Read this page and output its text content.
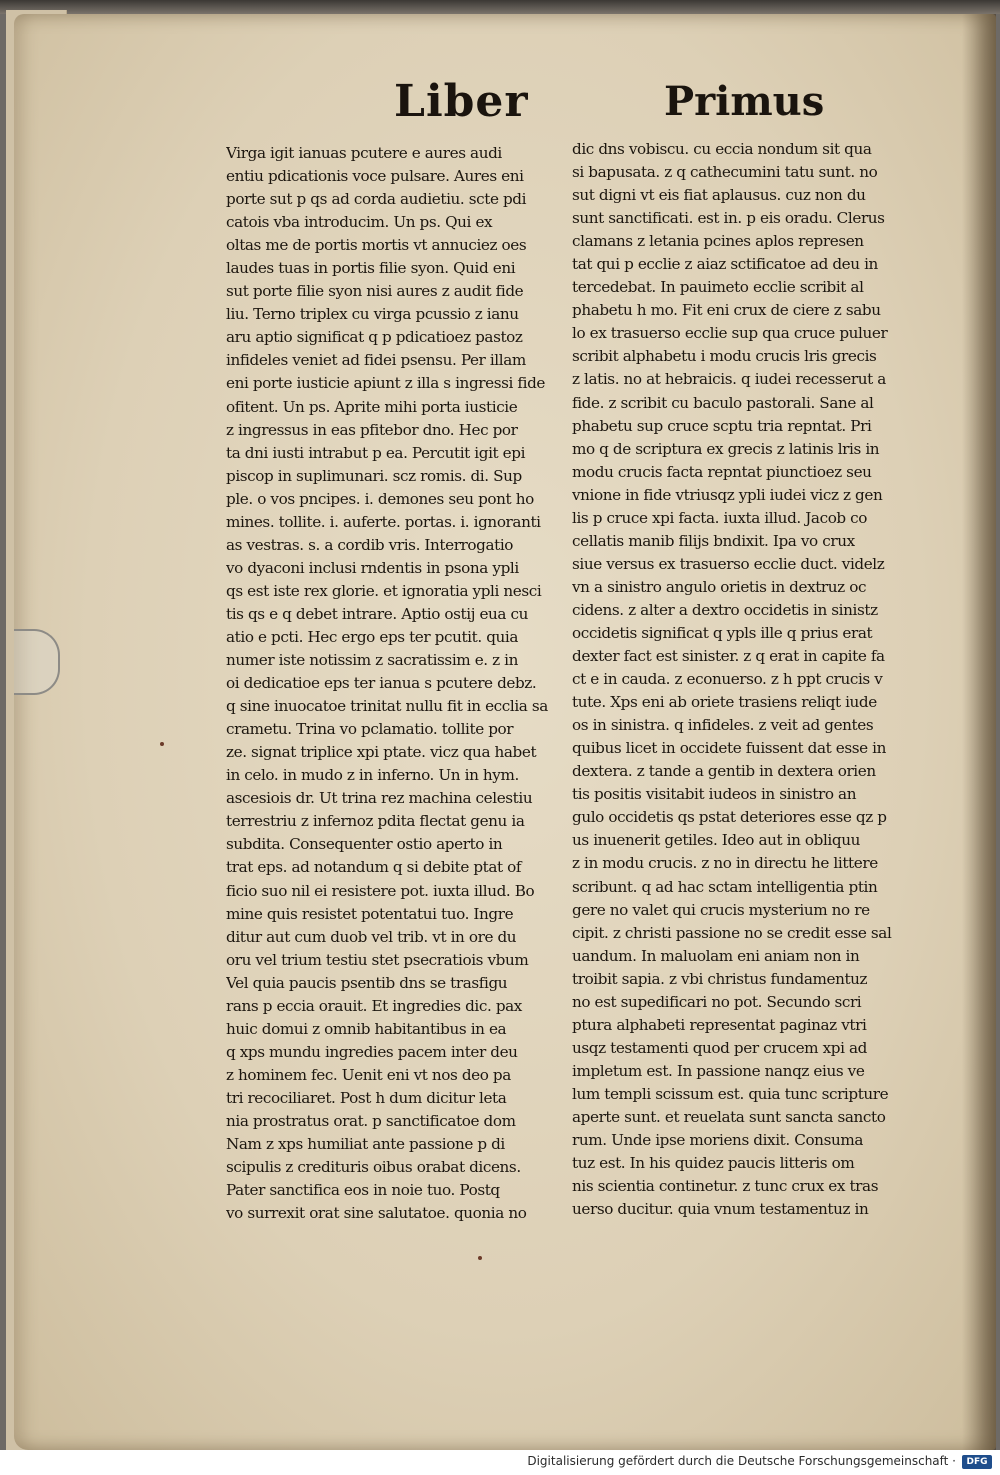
Liber	Primus
Virga igit ianuas pcutere e aures audi
entiu pdicationis voce pulsare. Aures eni
porte sut p qs ad corda audietiu. scte pdi
catois vba introducim. Un ps. Qui ex
oltas me de portis mortis vt annuciez oes
laudes tuas in portis filie syon. Quid eni
sut porte filie syon nisi aures z audit fide
liu. Terno triplex cu virga pcussio z ianu
aru aptio significat q p pdicatioez pastoz
infideles veniet ad fidei psensu. Per illam
eni porte iusticie apiunt z illa s ingressi fide
ofitent. Un ps. Aprite mihi porta iusticie
z ingressus in eas pfitebor dno. Hec por
ta dni iusti intrabut p ea. Percutit igit epi
piscop in suplimunari. scz romis. di. Sup
ple. o vos pncipes. i. demones seu pont ho
mines. tollite. i. auferte. portas. i. ignoranti
as vestras. s. a cordib vris. Interrogatio
vo dyaconi inclusi rndentis in psona ypli
qs est iste rex glorie. et ignoratia ypli nesci
tis qs e q debet intrare. Aptio ostij eua cu
atio e pcti. Hec ergo eps ter pcutit. quia
numer iste notissim z sacratissim e. z in
oi dedicatioe eps ter ianua s pcutere debz.
q sine inuocatoe trinitat nullu fit in ecclia sa
crametu. Trina vo pclamatio. tollite por
ze. signat triplice xpi ptate. vicz qua habet
in celo. in mudo z in inferno. Un in hym.
ascesiois dr. Ut trina rez machina celestiu
terrestriu z infernoz pdita flectat genu ia
subdita. Consequenter ostio aperto in
trat eps. ad notandum q si debite ptat of
ficio suo nil ei resistere pot. iuxta illud. Bo
mine quis resistet potentatui tuo. Ingre
ditur aut cum duob vel trib. vt in ore du
oru vel trium testiu stet psecratiois vbum
Vel quia paucis psentib dns se trasfigu
rans p eccia orauit. Et ingredies dic. pax
huic domui z omnib habitantibus in ea
q xps mundu ingredies pacem inter deu
z hominem fec. Uenit eni vt nos deo pa
tri recociliaret. Post h dum dicitur leta
nia prostratus orat. p sanctificatoe dom
Nam z xps humiliat ante passione p di
scipulis z credituris oibus orabat dicens.
Pater sanctifica eos in noie tuo. Postq
vo surrexit orat sine salutatoe. quonia no
dic dns vobiscu. cu eccia nondum sit qua
si bapusata. z q cathecumini tatu sunt. no
sut digni vt eis fiat aplausus. cuz non du
sunt sanctificati. est in. p eis oradu. Clerus
clamans z letania pcines aplos represen
tat qui p ecclie z aiaz sctificatoe ad deu in
tercedebat. In pauimeto ecclie scribit al
phabetu h mo. Fit eni crux de ciere z sabu
lo ex trasuerso ecclie sup qua cruce puluer
scribit alphabetu i modu crucis lris grecis
z latis. no at hebraicis. q iudei recesserut a
fide. z scribit cu baculo pastorali. Sane al
phabetu sup cruce scptu tria repntat. Pri
mo q de scriptura ex grecis z latinis lris in
modu crucis facta repntat piunctioez seu
vnione in fide vtriusqz ypli iudei vicz z gen
lis p cruce xpi facta. iuxta illud. Jacob co
cellatis manib filijs bndixit. Ipa vo crux
siue versus ex trasuerso ecclie duct. videlz
vn a sinistro angulo orietis in dextruz oc
cidens. z alter a dextro occidetis in sinistz
occidetis significat q ypls ille q prius erat
dexter fact est sinister. z q erat in capite fa
ct e in cauda. z econuerso. z h ppt crucis v
tute. Xps eni ab oriete trasiens reliqt iude
os in sinistra. q infideles. z veit ad gentes
quibus licet in occidete fuissent dat esse in
dextera. z tande a gentib in dextera orien
tis positis visitabit iudeos in sinistro an
gulo occidetis qs pstat deteriores esse qz p
us inuenerit getiles. Ideo aut in obliquu
z in modu crucis. z no in directu he littere
scribunt. q ad hac sctam intelligentia ptin
gere no valet qui crucis mysterium no re
cipit. z christi passione no se credit esse sal
uandum. In maluolam eni aniam non in
troibit sapia. z vbi christus fundamentuz
no est supedificari no pot. Secundo scri
ptura alphabeti representat paginaz vtri
usqz testamenti quod per crucem xpi ad
impletum est. In passione nanqz eius ve
lum templi scissum est. quia tunc scripture
aperte sunt. et reuelata sunt sancta sancto
rum. Unde ipse moriens dixit. Consuma
tuz est. In his quidez paucis litteris om
nis scientia continetur. z tunc crux ex tras
uerso ducitur. quia vnum testamentuz in
Digitalisierung gefördert durch die Deutsche Forschungsgemeinschaft ·	DFG
